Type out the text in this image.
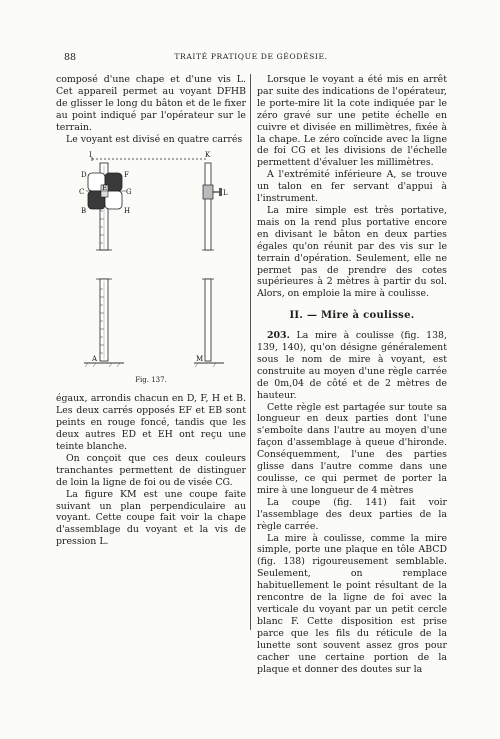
88	TRAITÉ PRATIQUE DE GÉODÉSIE.

composé d'une chape et d'une vis L. Cet appareil permet au voyant DFHB de glisser le long du bâton et de le fixer au point indiqué par l'opérateur sur le terrain.

Le voyant est divisé en quatre carrés

I	K
D	F
C	G
E
B	H
L
A	M
Fig. 137.

égaux, arrondis chacun en D, F, H et B. Les deux carrés opposés EF et EB sont peints en rouge foncé, tandis que les deux autres ED et EH ont reçu une teinte blanche.

On conçoit que ces deux couleurs tranchantes permettent de distinguer de loin la ligne de foi ou de visée CG.

La figure KM est une coupe faite suivant un plan perpendiculaire au voyant. Cette coupe fait voir la chape d'assemblage du voyant et la vis de pression L.

Lorsque le voyant a été mis en arrêt par suite des indications de l'opérateur, le porte-mire lit la cote indiquée par le zéro gravé sur une petite échelle en cuivre et divisée en millimètres, fixée à la chape. Le zéro coïncide avec la ligne de foi CG et les divisions de l'échelle permettent d'évaluer les millimètres.

A l'extrémité inférieure A, se trouve un talon en fer servant d'appui à l'instrument.

La mire simple est très portative, mais on la rend plus portative encore en divisant le bâton en deux parties égales qu'on réunit par des vis sur le terrain d'opération. Seulement, elle ne permet pas de prendre des cotes supérieures à 2 mètres à partir du sol. Alors, on emploie la mire à coulisse.

II. — Mire à coulisse.

203. La mire à coulisse (fig. 138, 139, 140), qu'on désigne généralement sous le nom de mire à voyant, est construite au moyen d'une règle carrée de 0m,04 de côté et de 2 mètres de hauteur.

Cette règle est partagée sur toute sa longueur en deux parties dont l'une s'emboîte dans l'autre au moyen d'une façon d'assemblage à queue d'hironde. Conséquemment, l'une des parties glisse dans l'autre comme dans une coulisse, ce qui permet de porter la mire à une longueur de 4 mètres

La coupe (fig. 141) fait voir l'assemblage des deux parties de la règle carrée.

La mire à coulisse, comme la mire simple, porte une plaque en tôle ABCD (fig. 138) rigoureusement semblable. Seulement, on remplace habituellement le point résultant de la rencontre de la ligne de foi avec la verticale du voyant par un petit cercle blanc F. Cette disposition est prise parce que les fils du réticule de la lunette sont souvent assez gros pour cacher une certaine portion de la plaque et donner des doutes sur la
